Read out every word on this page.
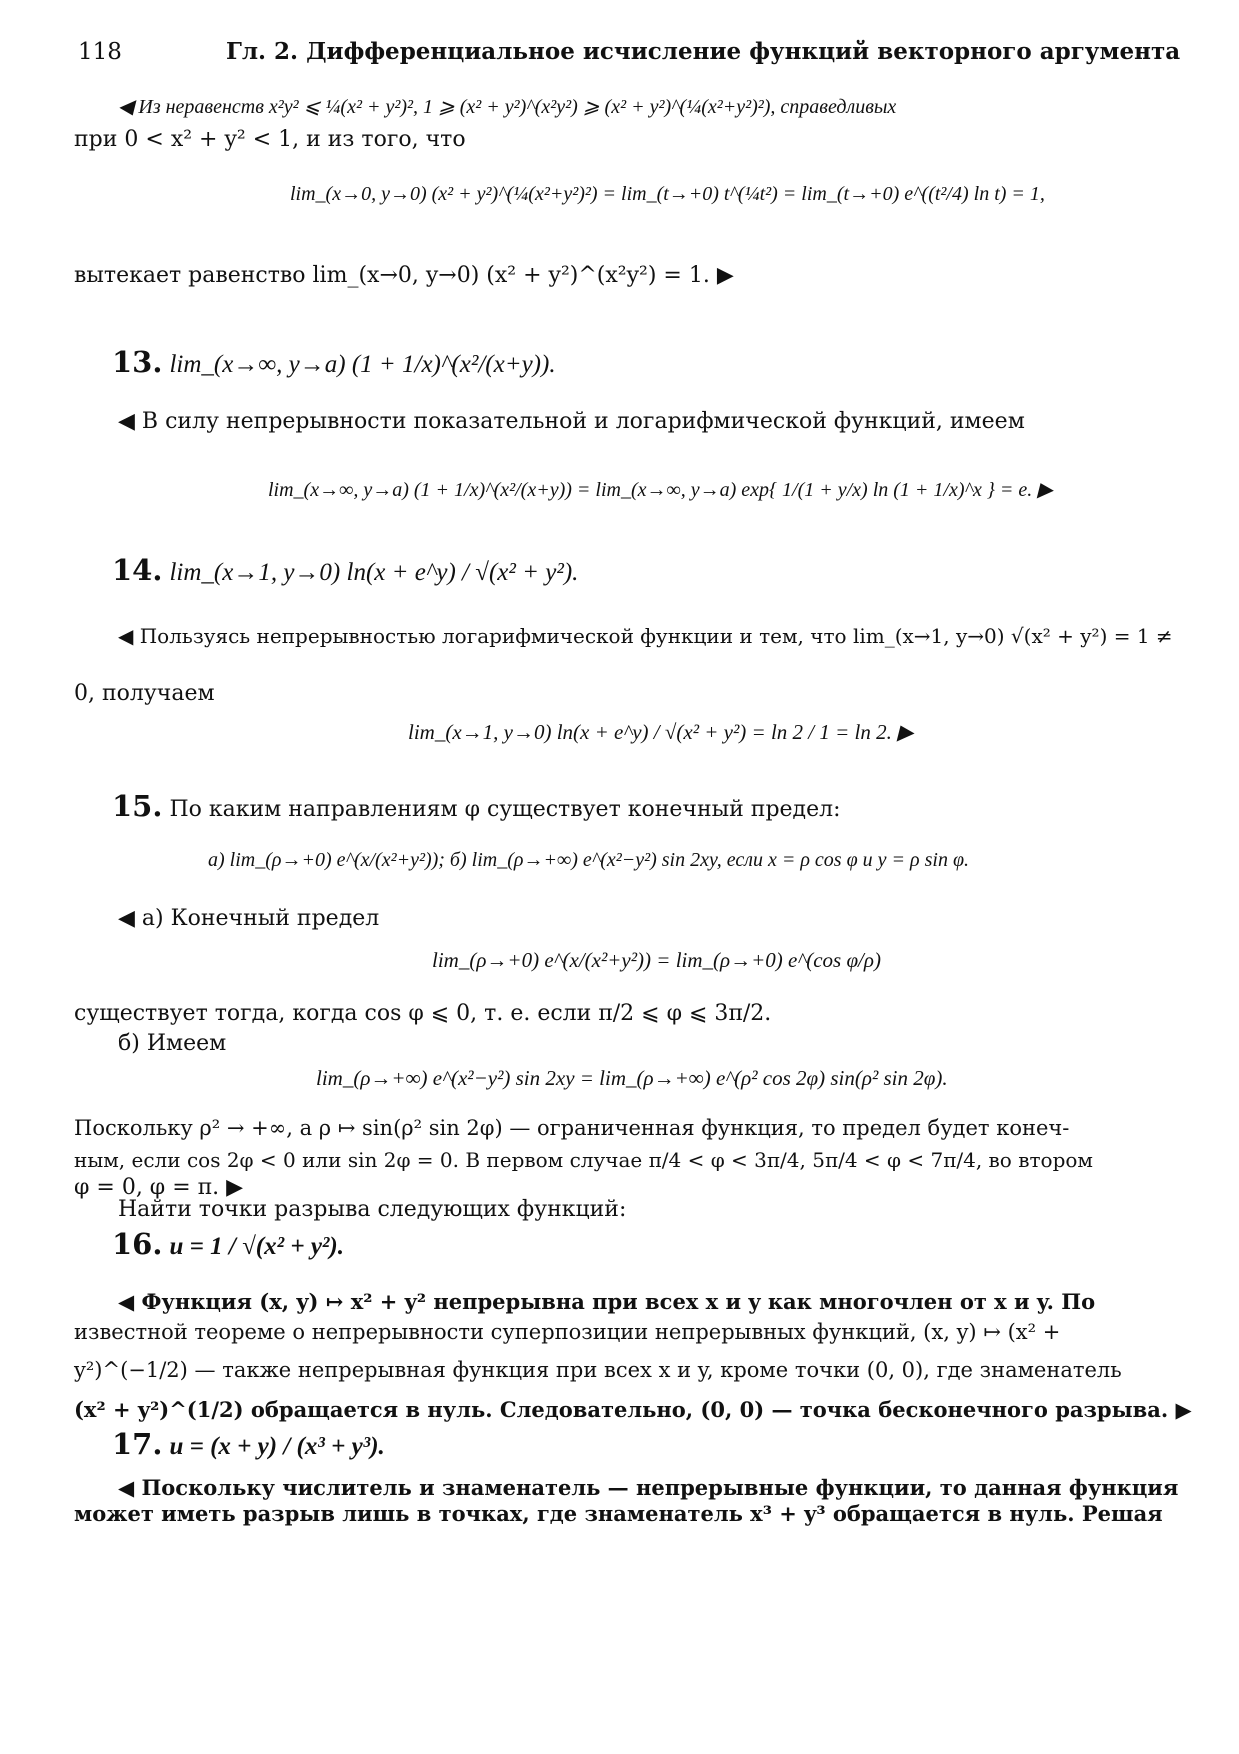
118	Гл. 2. Дифференциальное исчисление функций векторного аргумента
◀ Из неравенств x²y² ⩽ ¼(x² + y²)², 1 ⩾ (x² + y²)^(x²y²) ⩾ (x² + y²)^(¼(x²+y²)²), справедливых
при 0 < x² + y² < 1, и из того, что
lim_(x→0, y→0) (x² + y²)^(¼(x²+y²)²) = lim_(t→+0) t^(¼t²) = lim_(t→+0) e^((t²/4) ln t) = 1,
вытекает равенство lim_(x→0, y→0) (x² + y²)^(x²y²) = 1. ▶
13. lim_(x→∞, y→a) (1 + 1/x)^(x²/(x+y)).
◀ В силу непрерывности показательной и логарифмической функций, имеем
lim_(x→∞, y→a) (1 + 1/x)^(x²/(x+y)) = lim_(x→∞, y→a) exp{ 1/(1 + y/x) ln (1 + 1/x)^x } = e. ▶
14. lim_(x→1, y→0) ln(x + e^y) / √(x² + y²).
◀ Пользуясь непрерывностью логарифмической функции и тем, что lim_(x→1, y→0) √(x² + y²) = 1 ≠
0, получаем
lim_(x→1, y→0) ln(x + e^y) / √(x² + y²) = ln 2 / 1 = ln 2. ▶
15. По каким направлениям φ существует конечный предел:
а) lim_(ρ→+0) e^(x/(x²+y²)); б) lim_(ρ→+∞) e^(x²−y²) sin 2xy, если x = ρ cos φ и y = ρ sin φ.
◀ а) Конечный предел
lim_(ρ→+0) e^(x/(x²+y²)) = lim_(ρ→+0) e^(cos φ/ρ)
существует тогда, когда cos φ ⩽ 0, т. е. если π/2 ⩽ φ ⩽ 3π/2.
б) Имеем
lim_(ρ→+∞) e^(x²−y²) sin 2xy = lim_(ρ→+∞) e^(ρ² cos 2φ) sin(ρ² sin 2φ).
Поскольку ρ² → +∞, а ρ ↦ sin(ρ² sin 2φ) — ограниченная функция, то предел будет конеч-
ным, если cos 2φ < 0 или sin 2φ = 0. В первом случае π/4 < φ < 3π/4, 5π/4 < φ < 7π/4, во втором
φ = 0, φ = π. ▶
Найти точки разрыва следующих функций:
16. u = 1 / √(x² + y²).
◀ Функция (x, y) ↦ x² + y² непрерывна при всех x и y как многочлен от x и y. По
известной теореме о непрерывности суперпозиции непрерывных функций, (x, y) ↦ (x² +
y²)^(−1/2) — также непрерывная функция при всех x и y, кроме точки (0, 0), где знаменатель
(x² + y²)^(1/2) обращается в нуль. Следовательно, (0, 0) — точка бесконечного разрыва. ▶
17. u = (x + y) / (x³ + y³).
◀ Поскольку числитель и знаменатель — непрерывные функции, то данная функция
может иметь разрыв лишь в точках, где знаменатель x³ + y³ обращается в нуль. Решая
